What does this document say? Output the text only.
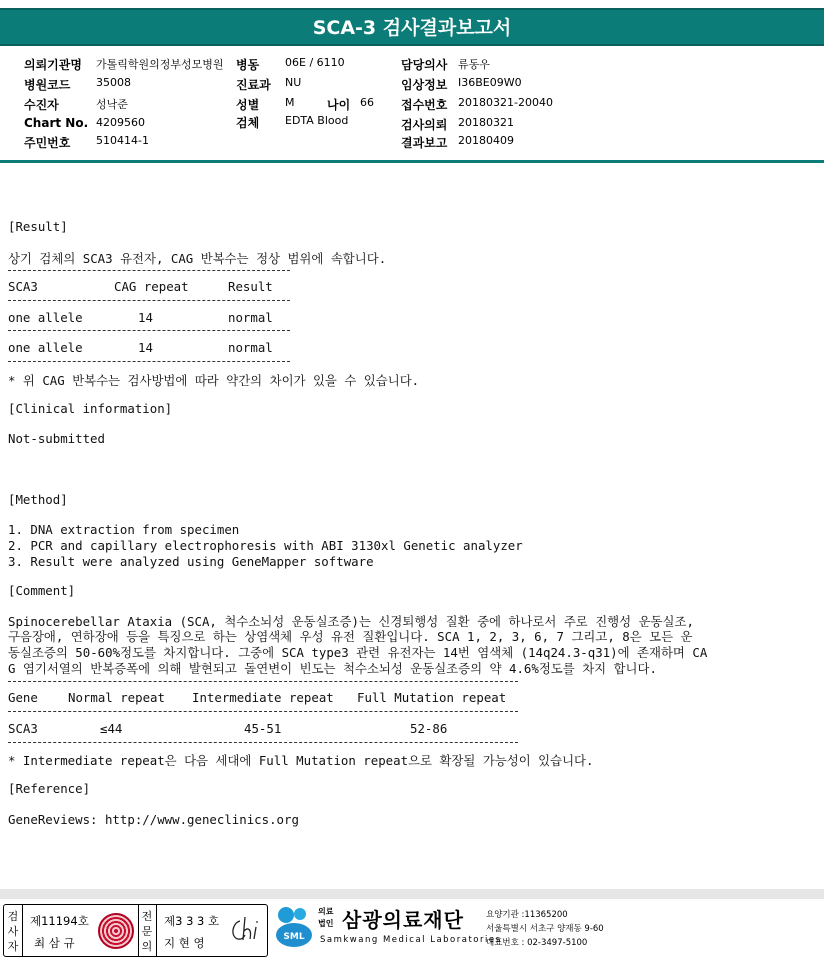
SCA-3 검사결과보고서
의뢰기관명 가톨릭학원의정부성모병원
병원코드 35008
수진자	성낙준
Chart No. 4209560
주민번호 510414-1
병동 06E / 6110
진료과 NU
성별 M	나이 66
검체 EDTA Blood
담당의사 류동우
임상정보 I36BE09W0
접수번호 20180321-20040
검사의뢰 20180321
결과보고 20180409
[Result]
상기 검체의 SCA3 유전자, CAG 반복수는 정상 범위에 속합니다.
SCA3	CAG repeat	Result
one allele	14	normal
one allele	14	normal
* 위 CAG 반복수는 검사방법에 따라 약간의 차이가 있을 수 있습니다.
[Clinical information]
Not-submitted
[Method]
1. DNA extraction from specimen
2. PCR and capillary electrophoresis with ABI 3130xl Genetic analyzer
3. Result were analyzed using GeneMapper software
[Comment]
Spinocerebellar Ataxia (SCA, 척수소뇌성 운동실조증)는 신경퇴행성 질환 중에 하나로서 주로 진행성 운동실조,
구음장애, 연하장애 등을 특징으로 하는 상염색체 우성 유전 질환입니다. SCA 1, 2, 3, 6, 7 그리고, 8은 모든 운
동실조증의 50-60%정도를 차지합니다. 그중에 SCA type3 관련 유전자는 14번 염색체 (14q24.3-q31)에 존재하며 CA
G 염기서열의 반복증폭에 의해 발현되고 돌연변이 빈도는 척수소뇌성 운동실조증의 약 4.6%정도를 차지 합니다.
Gene Normal repeat Intermediate repeat Full Mutation repeat
SCA3	≤44	45-51	52-86
* Intermediate repeat은 다음 세대에 Full Mutation repeat으로 확장될 가능성이 있습니다.
[Reference]
GeneReviews: http://www.geneclinics.org
검
사
자
제11194호
최 삼 규
전
문
의
제3 3 3 호
지 현 영	SML
의료
법인 삼광의료재단
Samkwang Medical Laboratories
요양기관 :11365200
서울특별시 서초구 양재동 9-60
대표번호 : 02-3497-5100
